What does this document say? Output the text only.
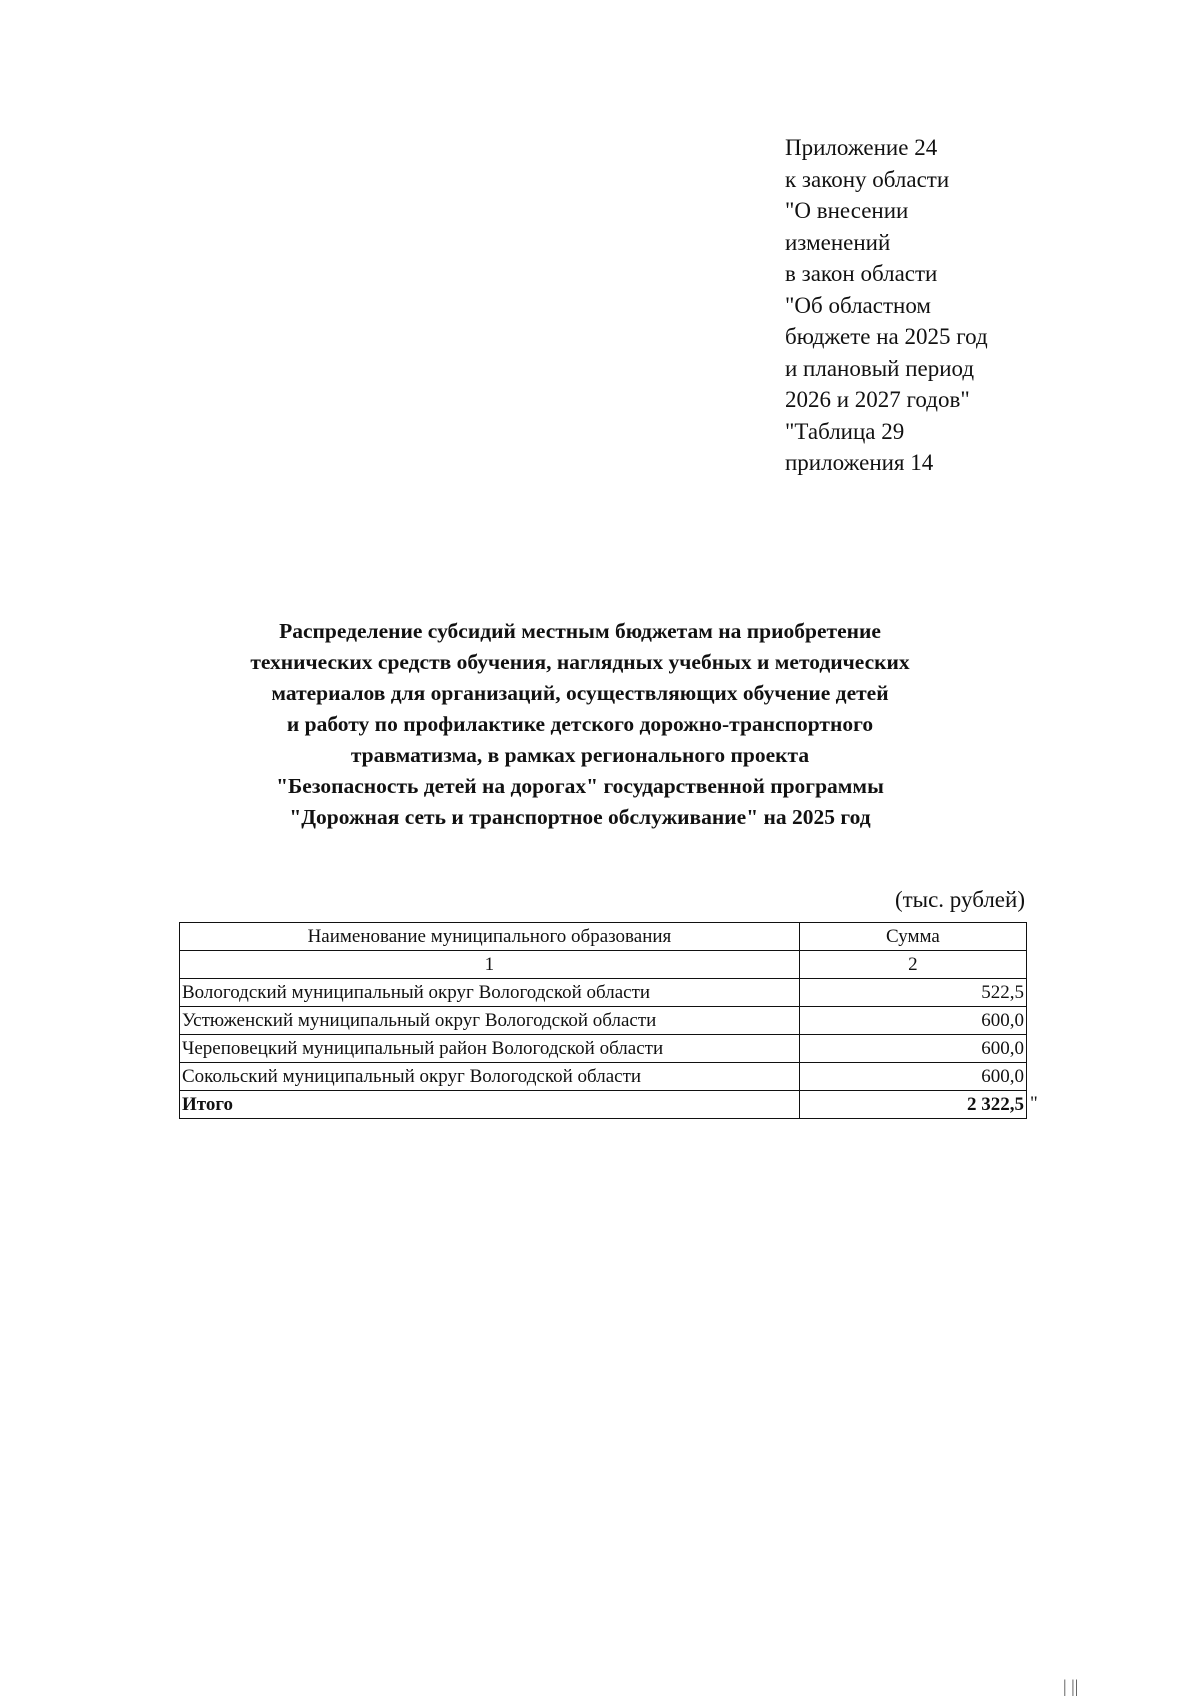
Приложение 24
к закону области
"О внесении
изменений
в закон области
"Об областном
бюджете на 2025 год
и плановый период
2026 и 2027 годов"
"Таблица 29
приложения 14
Распределение субсидий местным бюджетам на приобретение
технических средств обучения, наглядных учебных и методических
материалов для организаций, осуществляющих обучение детей
и работу по профилактике детского дорожно-транспортного
травматизма, в рамках регионального проекта
"Безопасность детей на дорогах" государственной программы
"Дорожная сеть и транспортное обслуживание" на 2025 год
(тыс. рублей)
Наименование муниципального образования	Сумма
1	2
Вологодский муниципальный округ Вологодской области	522,5
Устюженский муниципальный округ Вологодской области	600,0
Череповецкий муниципальный район Вологодской области	600,0
Сокольский муниципальный округ Вологодской области	600,0
Итого	2 322,5 "
| ||
